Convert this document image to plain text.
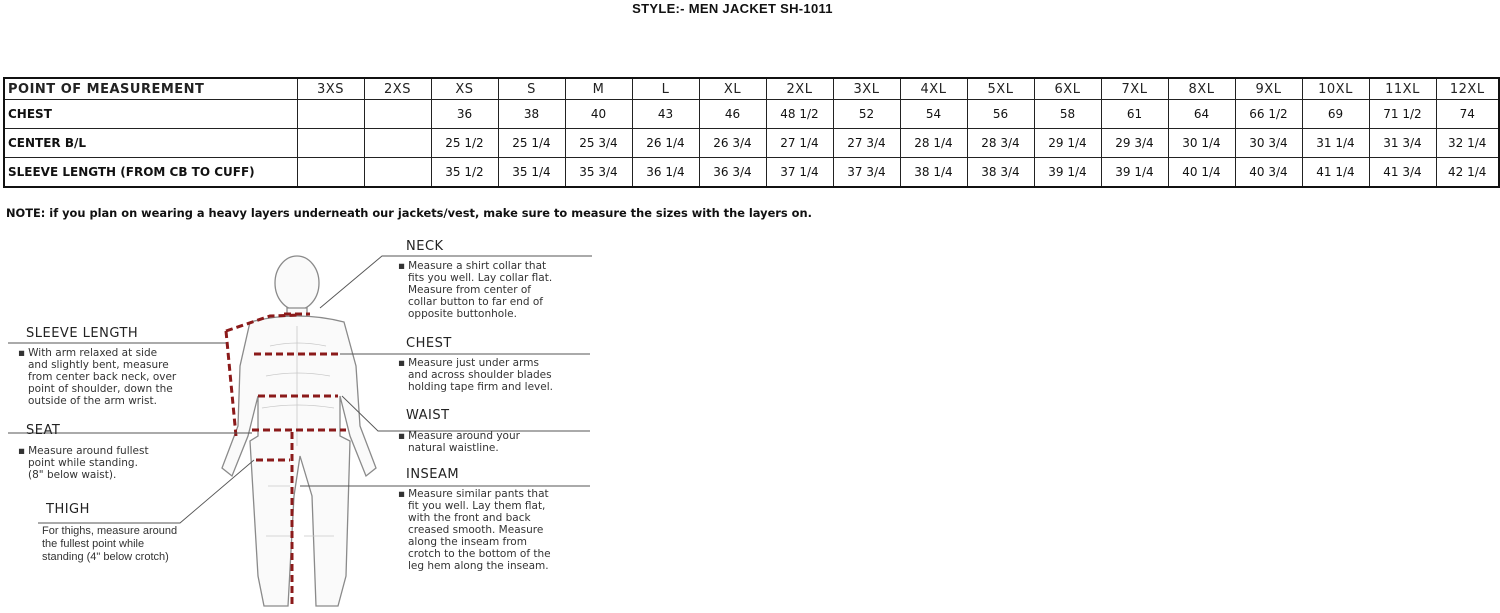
STYLE:- MEN JACKET SH-1011
POINT OF MEASUREMENT	3XS	2XS	XS	S	M	L	XL	2XL	3XL	4XL	5XL	6XL	7XL	8XL	9XL	10XL	11XL	12XL
CHEST			36	38	40	43	46	48 1/2	52	54	56	58	61	64	66 1/2	69	71 1/2	74
CENTER B/L			25 1/2	25 1/4	25 3/4	26 1/4	26 3/4	27 1/4	27 3/4	28 1/4	28 3/4	29 1/4	29 3/4	30 1/4	30 3/4	31 1/4	31 3/4	32 1/4
SLEEVE LENGTH (FROM CB TO CUFF)			35 1/2	35 1/4	35 3/4	36 1/4	36 3/4	37 1/4	37 3/4	38 1/4	38 3/4	39 1/4	39 1/4	40 1/4	40 3/4	41 1/4	41 3/4	42 1/4
NOTE: if you plan on wearing a heavy layers underneath our jackets/vest, make sure to measure the sizes with the layers on.
NECK
▪ Measure a shirt collar that
fits you well. Lay collar flat.
Measure from center of
collar button to far end of
opposite buttonhole.
CHEST
▪ Measure just under arms
and across shoulder blades
holding tape firm and level.
WAIST
▪ Measure around your
natural waistline.
INSEAM
▪ Measure similar pants that
fit you well. Lay them flat,
with the front and back
creased smooth. Measure
along the inseam from
crotch to the bottom of the
leg hem along the inseam.
SLEEVE LENGTH
▪ With arm relaxed at side
and slightly bent, measure
from center back neck, over
point of shoulder, down the
outside of the arm wrist.
SEAT
▪ Measure around fullest
point while standing.
(8" below waist).
THIGH
For thighs, measure around
the fullest point while
standing (4" below crotch)
